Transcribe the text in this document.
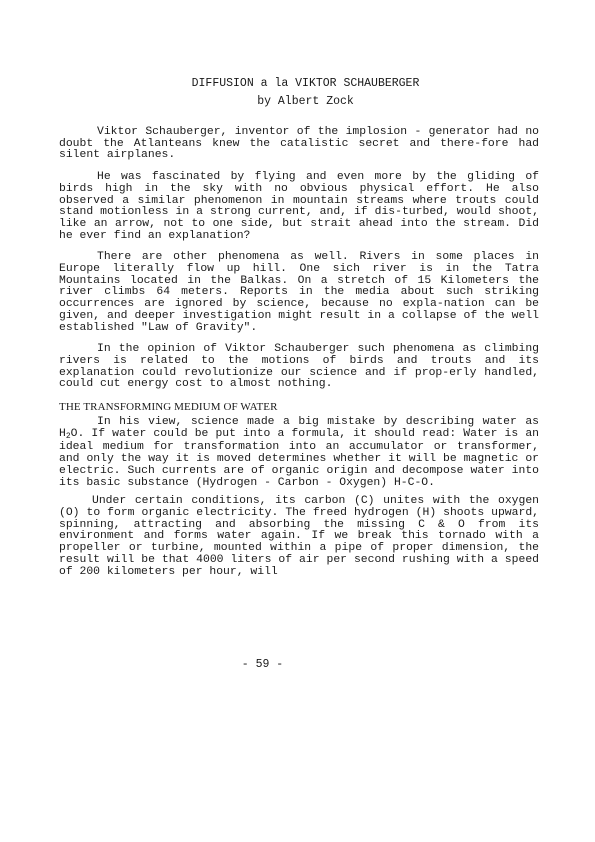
DIFFUSION a la VIKTOR SCHAUBERGER
by Albert Zock

Viktor Schauberger, inventor of the implosion - generator had no doubt the Atlanteans knew the catalistic secret and there-fore had silent airplanes.

He was fascinated by flying and even more by the gliding of birds high in the sky with no obvious physical effort. He also observed a similar phenomenon in mountain streams where trouts could stand motionless in a strong current, and, if dis-turbed, would shoot, like an arrow, not to one side, but strait ahead into the stream. Did he ever find an explanation?

There are other phenomena as well. Rivers in some places in Europe literally flow up hill. One sich river is in the Tatra Mountains located in the Balkas. On a stretch of 15 Kilometers the river climbs 64 meters. Reports in the media about such striking occurrences are ignored by science, because no expla-nation can be given, and deeper investigation might result in a collapse of the well established "Law of Gravity".

In the opinion of Viktor Schauberger such phenomena as climbing rivers is related to the motions of birds and trouts and its explanation could revolutionize our science and if prop-erly handled, could cut energy cost to almost nothing.

THE TRANSFORMING MEDIUM OF WATER

In his view, science made a big mistake by describing water as $H_2O$. If water could be put into a formula, it should read: Water is an ideal medium for transformation into an accumulator or transformer, and only the way it is moved determines whether it will be magnetic or electric. Such currents are of organic origin and decompose water into its basic substance (Hydrogen - Carbon - Oxygen) H-C-O.

Under certain conditions, its carbon (C) unites with the oxygen (O) to form organic electricity. The freed hydrogen (H) shoots upward, spinning, attracting and absorbing the missing C & O from its environment and forms water again. If we break this tornado with a propeller or turbine, mounted within a pipe of proper dimension, the result will be that 4000 liters of air per second rushing with a speed of 200 kilometers per hour, will

- 59 -
